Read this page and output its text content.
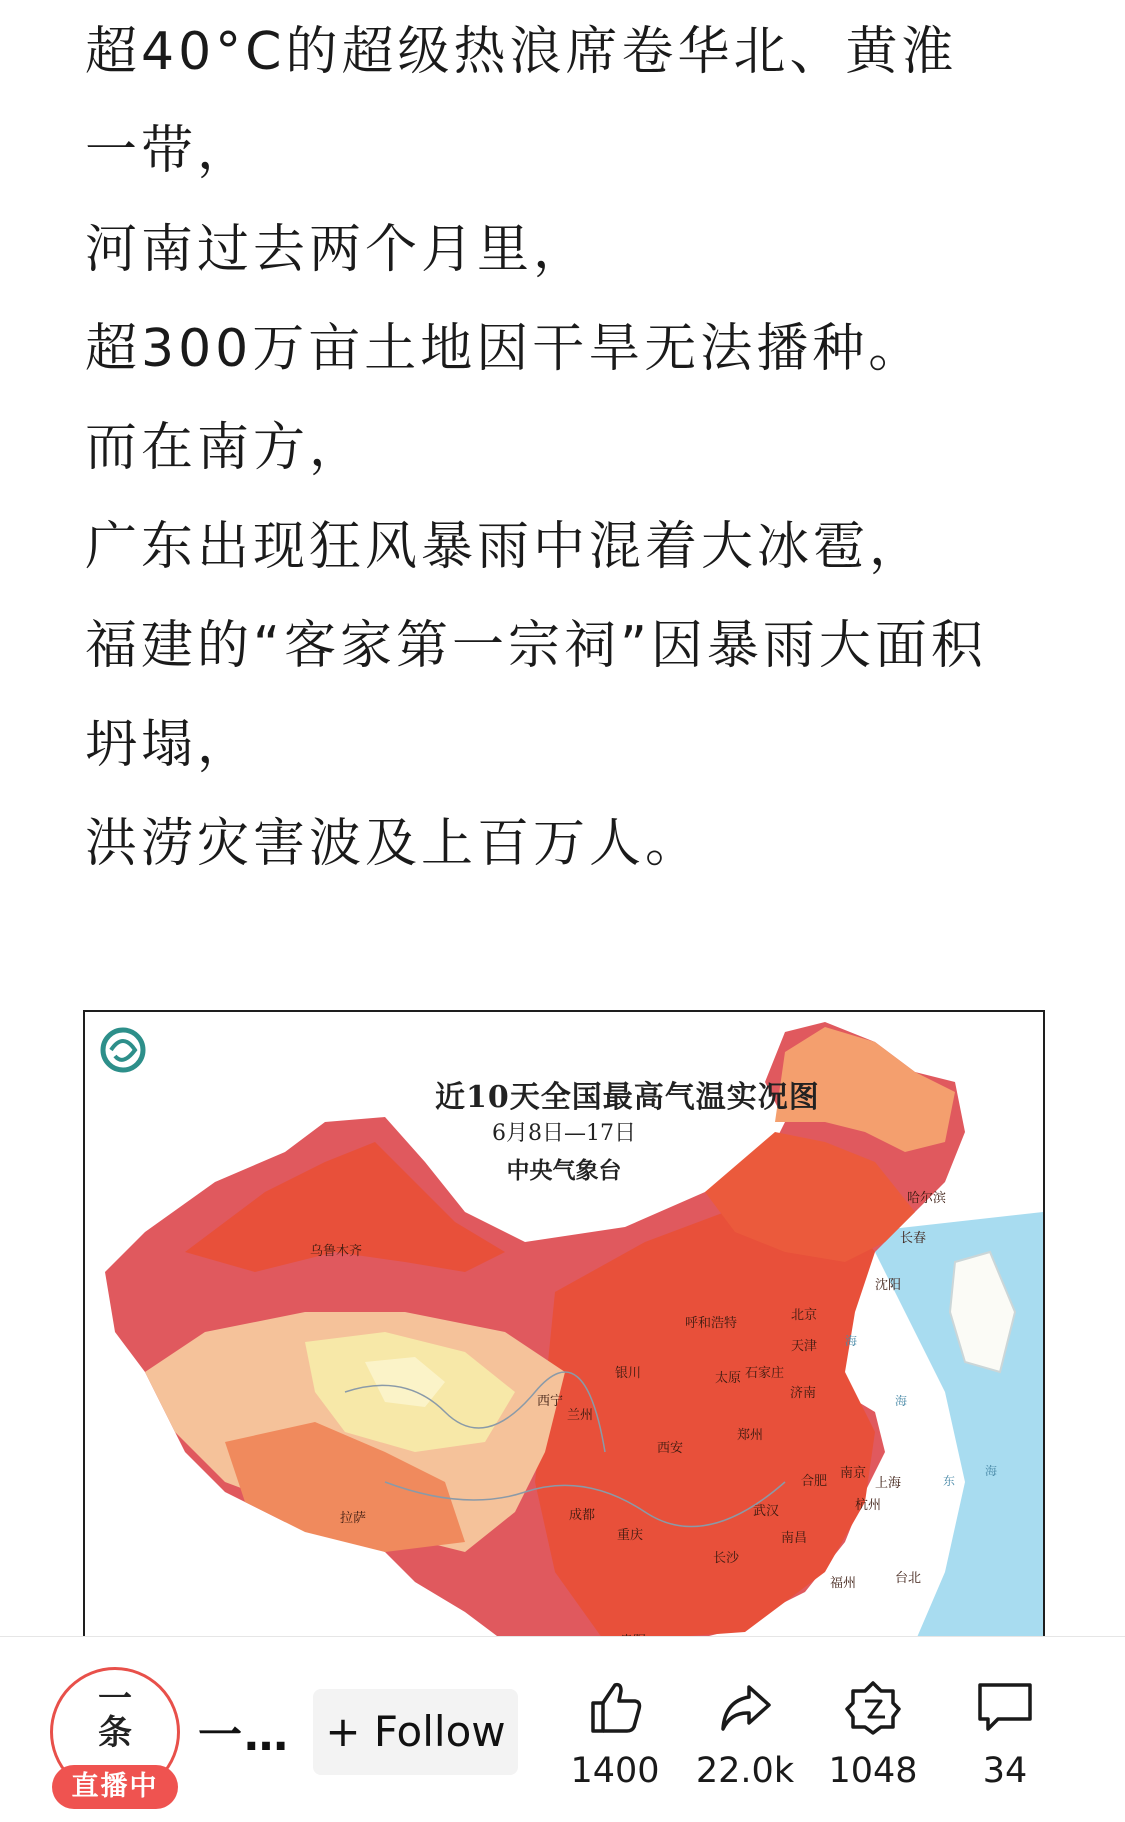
超40°C的超级热浪席卷华北、黄淮

一带，

河南过去两个月里，

超300万亩土地因干旱无法播种。

而在南方，

广东出现狂风暴雨中混着大冰雹，

福建的“客家第一宗祠”因暴雨大面积

坍塌，

洪涝灾害波及上百万人。

近10天全国最高气温实况图
6月8日—17日
中央气象台
乌鲁木齐
哈尔滨
长春
沈阳
呼和浩特
北京
天津
银川	太原 石家庄
西宁
兰州
济南
郑州
西安
合肥
南京
上海
杭州
拉萨	成都	武汉
重庆
长沙
南昌
福州	台北
海
海
东
海
一
条
直播中
一… + Follow
1400	22.0k 1048	34
